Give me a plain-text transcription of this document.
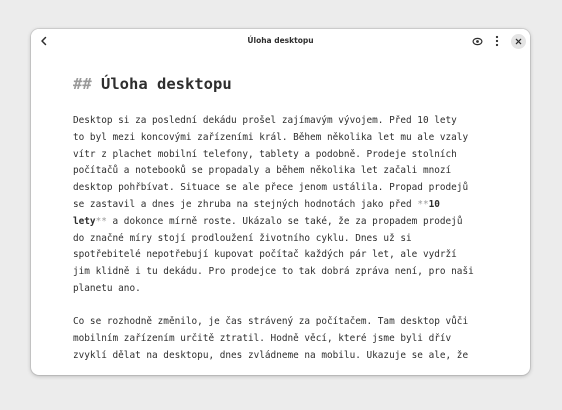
Úloha desktopu
## Úloha desktopu
Desktop si za poslední dekádu prošel zajímavým vývojem. Před 10 lety
to byl mezi koncovými zařízeními král. Během několika let mu ale vzaly
vítr z plachet mobilní telefony, tablety a podobně. Prodeje stolních
počítačů a notebooků se propadaly a během několika let začali mnozí
desktop pohřbívat. Situace se ale přece jenom ustálila. Propad prodejů
se zastavil a dnes je zhruba na stejných hodnotách jako před **10
lety** a dokonce mírně roste. Ukázalo se také, že za propadem prodejů
do značné míry stojí prodloužení životního cyklu. Dnes už si
spotřebitelé nepotřebují kupovat počítač každých pár let, ale vydrží
jim klidně i tu dekádu. Pro prodejce to tak dobrá zpráva není, pro naši
planetu ano.
Co se rozhodně změnilo, je čas strávený za počítačem. Tam desktop vůči
mobilním zařízením určitě ztratil. Hodně věcí, které jsme byli dřív
zvyklí dělat na desktopu, dnes zvládneme na mobilu. Ukazuje se ale, že
